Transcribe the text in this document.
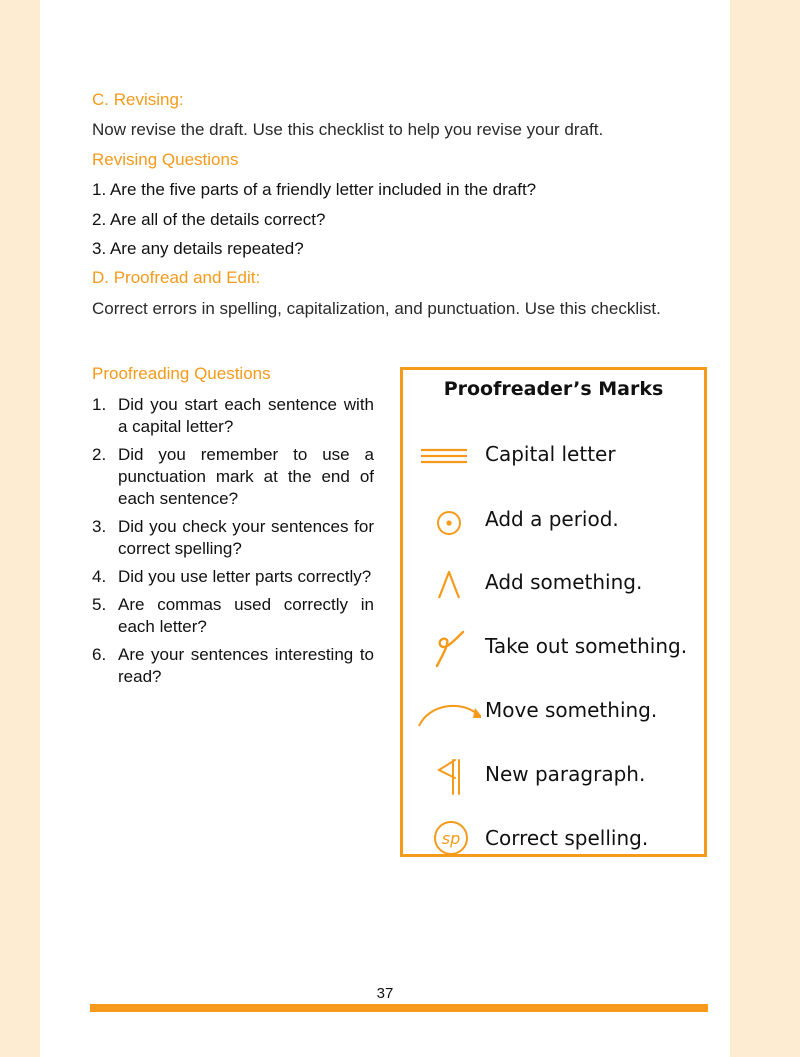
C. Revising:

Now revise the draft. Use this checklist to help you revise your draft.

Revising Questions

1. Are the five parts of a friendly letter included in the draft?

2. Are all of the details correct?

3. Are any details repeated?

D. Proofread and Edit:

Correct errors in spelling, capitalization, and punctuation. Use this checklist.

Proofreading Questions

1. Did you start each sentence with a capital letter?
2. Did you remember to use a punctuation mark at the end of each sentence?
3. Did you check your sentences for correct spelling?
4. Did you use letter parts correctly?
5. Are commas used correctly in each letter?
6. Are your sentences interesting to read?
Proofreader’s Marks
Capital letter
Add a period.
Add something.
Take out something.
Move something.
New paragraph.
sp Correct spelling.
37
